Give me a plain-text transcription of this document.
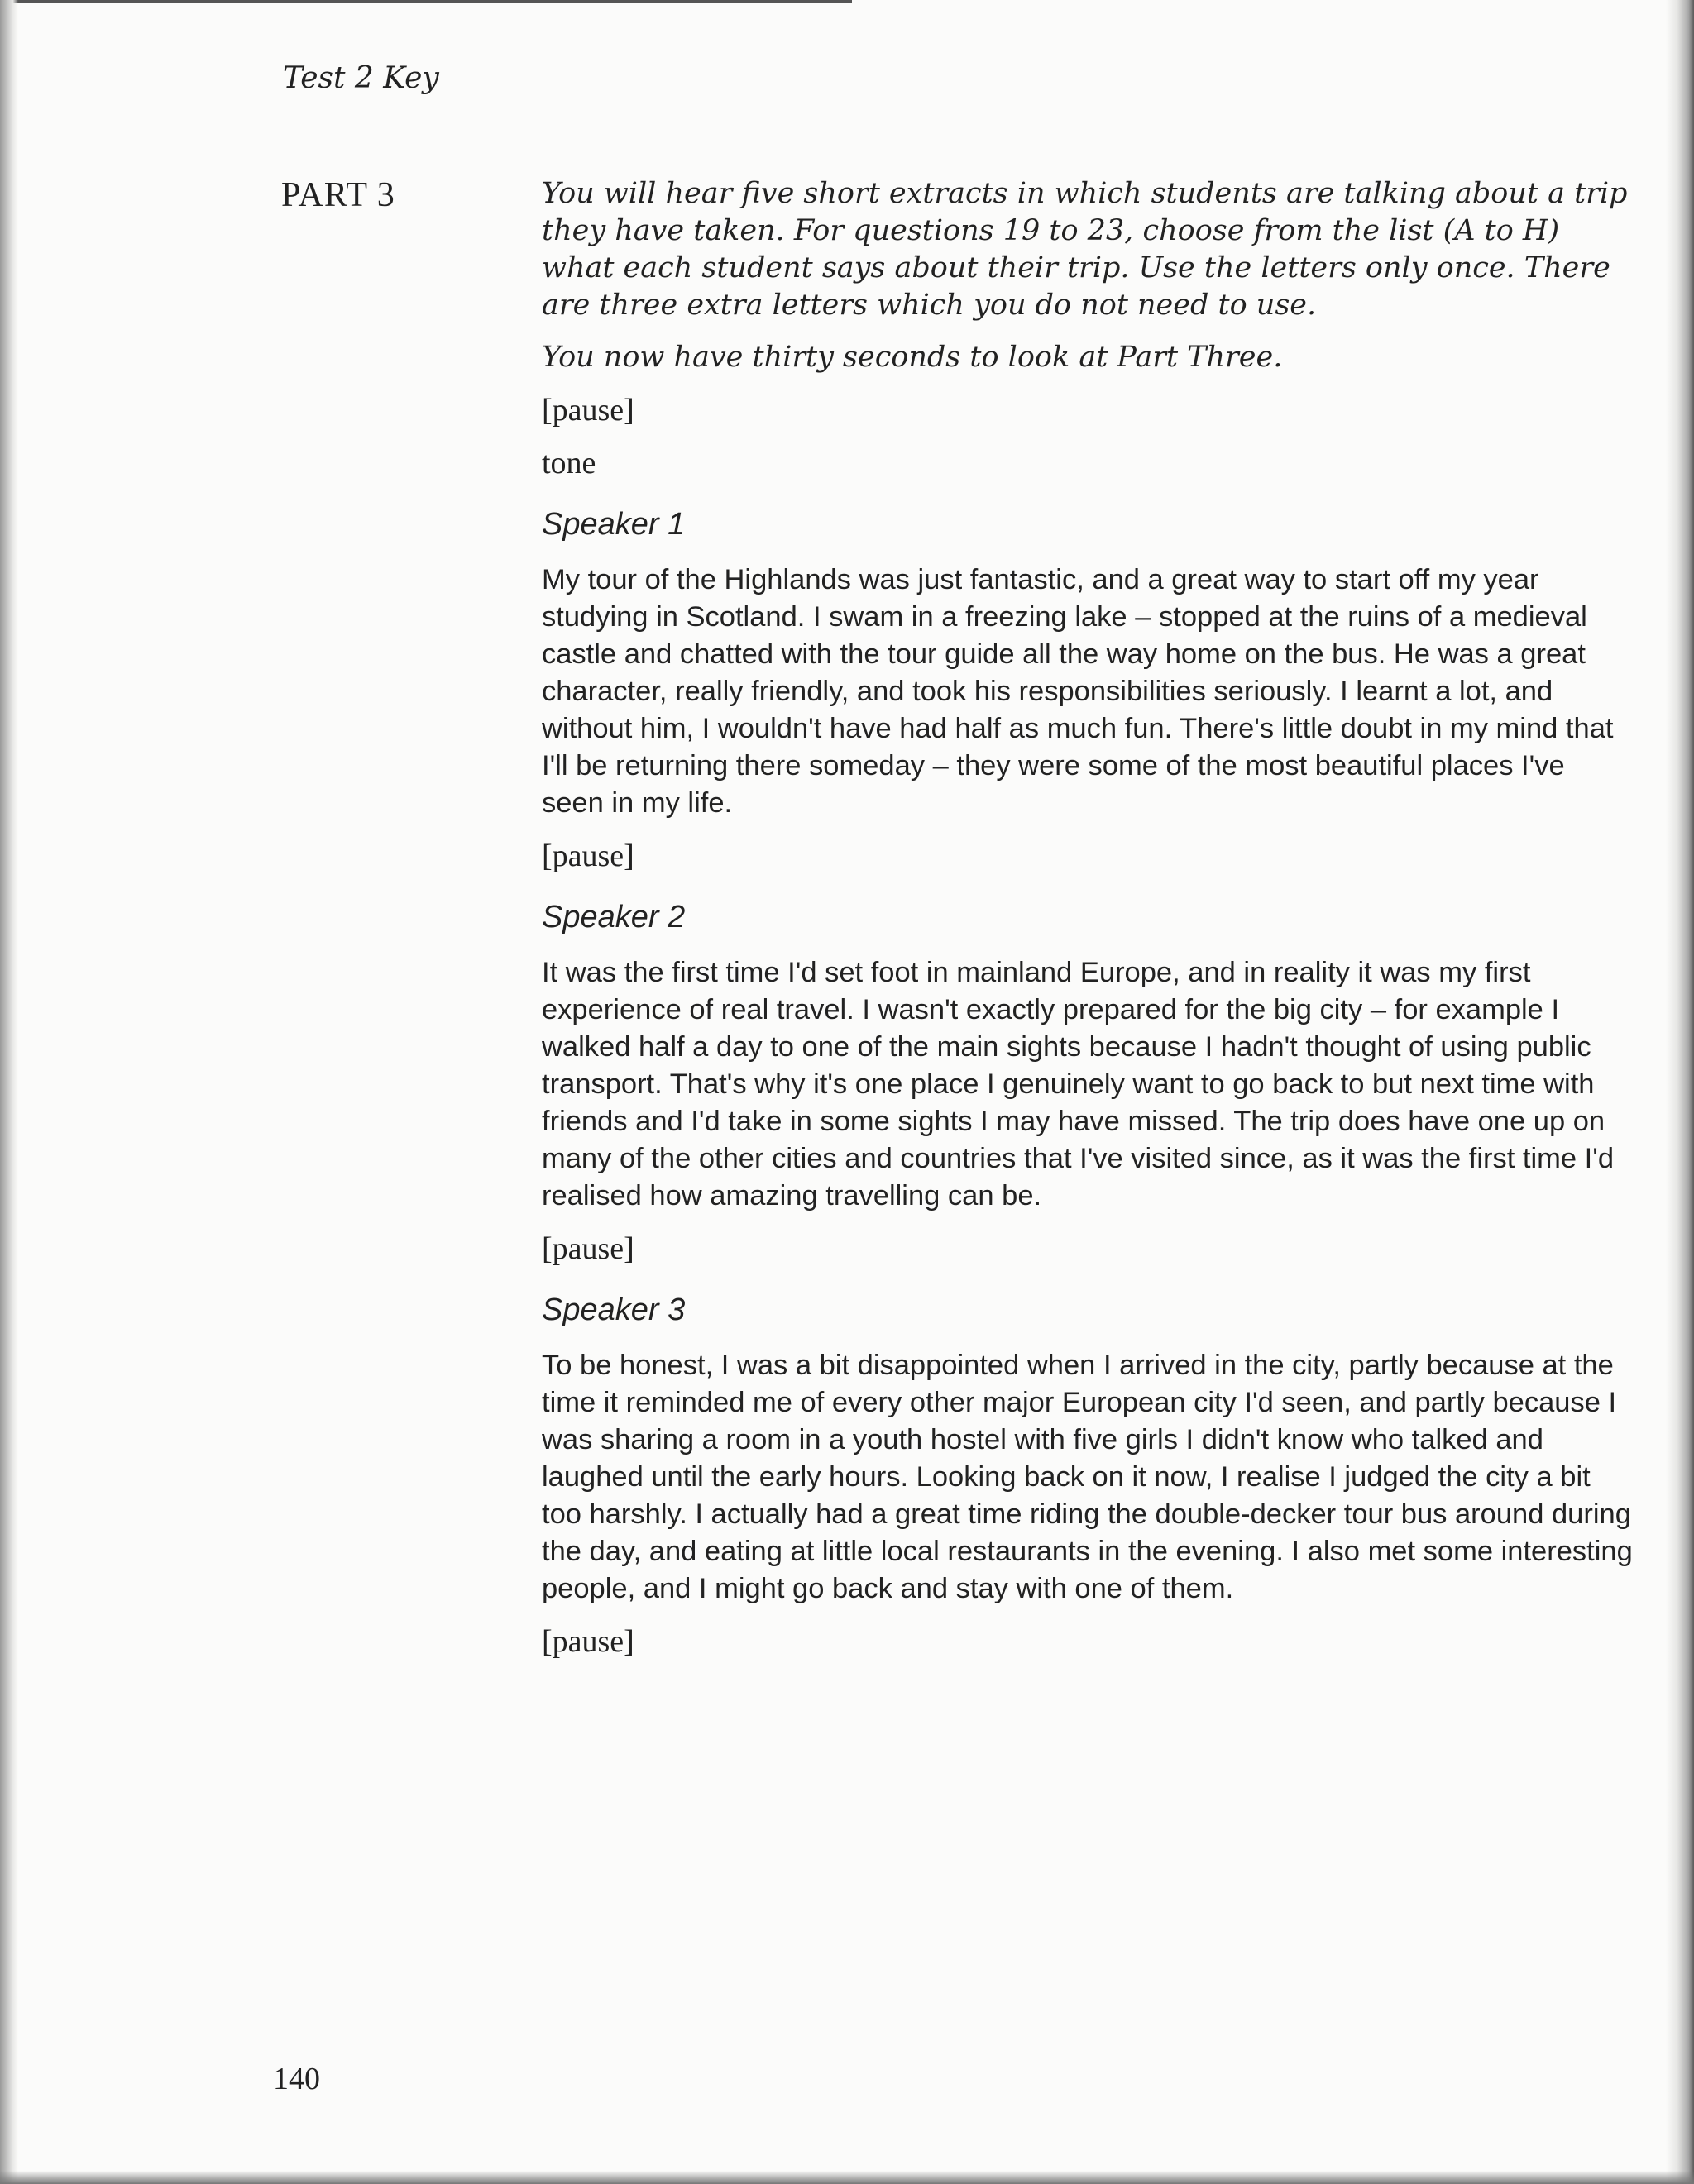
Test 2 Key
PART 3	You will hear five short extracts in which students are talking about a trip they have taken. For questions 19 to 23, choose from the list (A to H) what each student says about their trip. Use the letters only once. There are three extra letters which you do not need to use.

You now have thirty seconds to look at Part Three.

[pause]

tone

Speaker 1

My tour of the Highlands was just fantastic, and a great way to start off my year studying in Scotland. I swam in a freezing lake – stopped at the ruins of a medieval castle and chatted with the tour guide all the way home on the bus. He was a great character, really friendly, and took his responsibilities seriously. I learnt a lot, and without him, I wouldn't have had half as much fun. There's little doubt in my mind that I'll be returning there someday – they were some of the most beautiful places I've seen in my life.

[pause]

Speaker 2

It was the first time I'd set foot in mainland Europe, and in reality it was my first experience of real travel. I wasn't exactly prepared for the big city – for example I walked half a day to one of the main sights because I hadn't thought of using public transport. That's why it's one place I genuinely want to go back to but next time with friends and I'd take in some sights I may have missed. The trip does have one up on many of the other cities and countries that I've visited since, as it was the first time I'd realised how amazing travelling can be.

[pause]

Speaker 3

To be honest, I was a bit disappointed when I arrived in the city, partly because at the time it reminded me of every other major European city I'd seen, and partly because I was sharing a room in a youth hostel with five girls I didn't know who talked and laughed until the early hours. Looking back on it now, I realise I judged the city a bit too harshly. I actually had a great time riding the double-decker tour bus around during the day, and eating at little local restaurants in the evening. I also met some interesting people, and I might go back and stay with one of them.

[pause]

140
